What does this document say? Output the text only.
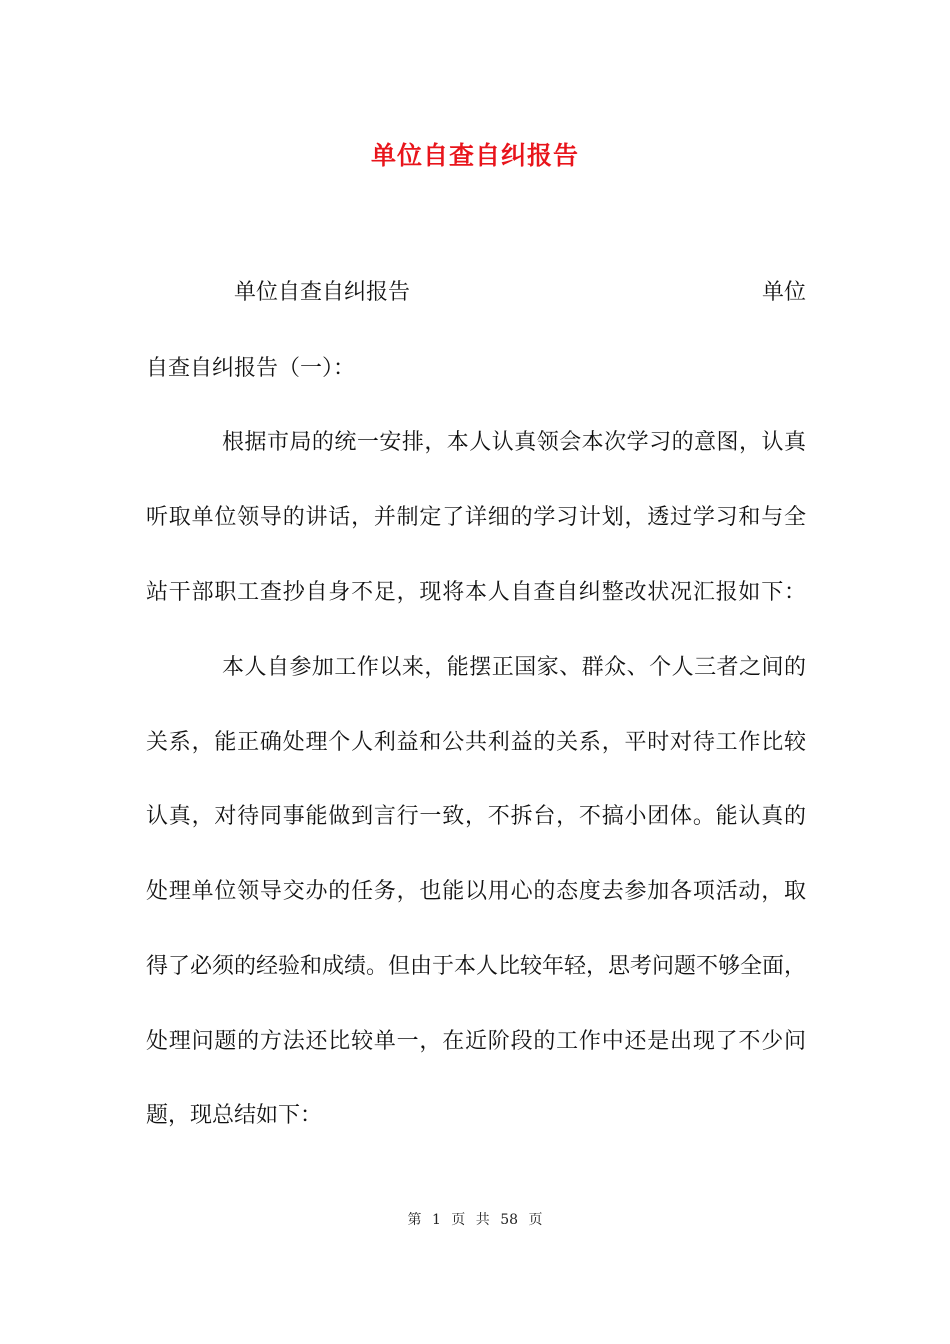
单位自查自纠报告
单位自查自纠报告	单位
自查自纠报告（一）：
根据市局的统一安排，本人认真领会本次学习的意图，认真
听取单位领导的讲话，并制定了详细的学习计划，透过学习和与全
站干部职工查抄自身不足，现将本人自查自纠整改状况汇报如下：
本人自参加工作以来，能摆正国家、群众、个人三者之间的
关系，能正确处理个人利益和公共利益的关系，平时对待工作比较
认真，对待同事能做到言行一致，不拆台，不搞小团体。能认真的
处理单位领导交办的任务，也能以用心的态度去参加各项活动，取
得了必须的经验和成绩。但由于本人比较年轻，思考问题不够全面，
处理问题的方法还比较单一，在近阶段的工作中还是出现了不少问
题，现总结如下：
第 1 页 共 58 页
